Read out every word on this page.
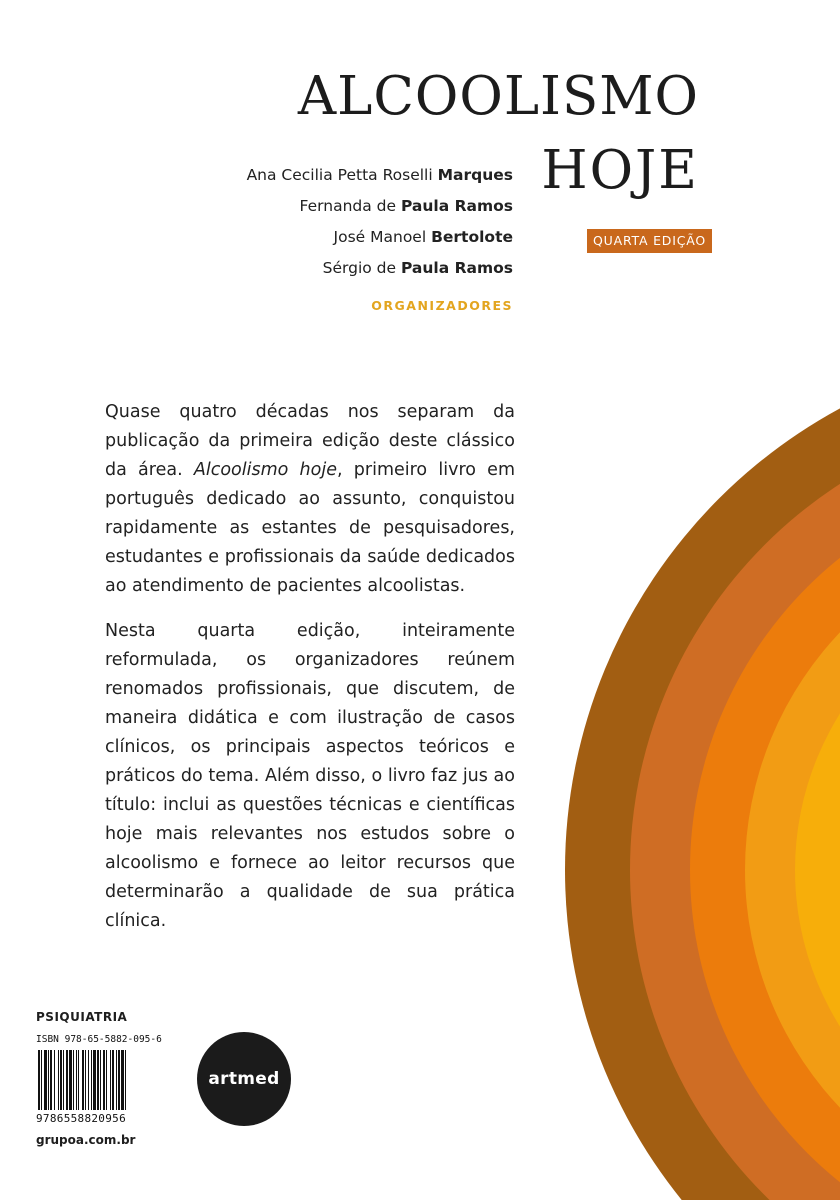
ALCOOLISMO
HOJE
QUARTA EDIÇÃO
Ana Cecilia Petta Roselli Marques
Fernanda de Paula Ramos
José Manoel Bertolote
Sérgio de Paula Ramos
ORGANIZADORES

Quase quatro décadas nos separam da publicação da primeira edição deste clássico da área. Alcoolismo hoje, primeiro livro em português dedicado ao assunto, conquistou rapidamente as estantes de pesquisadores, estudantes e profissionais da saúde dedicados ao atendimento de pacientes alcoolistas.

Nesta quarta edição, inteiramente reformulada, os organizadores reúnem renomados profissionais, que discutem, de maneira didática e com ilustração de casos clínicos, os principais aspectos teóricos e práticos do tema. Além disso, o livro faz jus ao título: inclui as questões técnicas e científicas hoje mais relevantes nos estudos sobre o alcoolismo e fornece ao leitor recursos que determinarão a qualidade de sua prática clínica.

PSIQUIATRIA
ISBN 978-65-5882-095-6
9786558820956
artmed
grupoa.com.br
